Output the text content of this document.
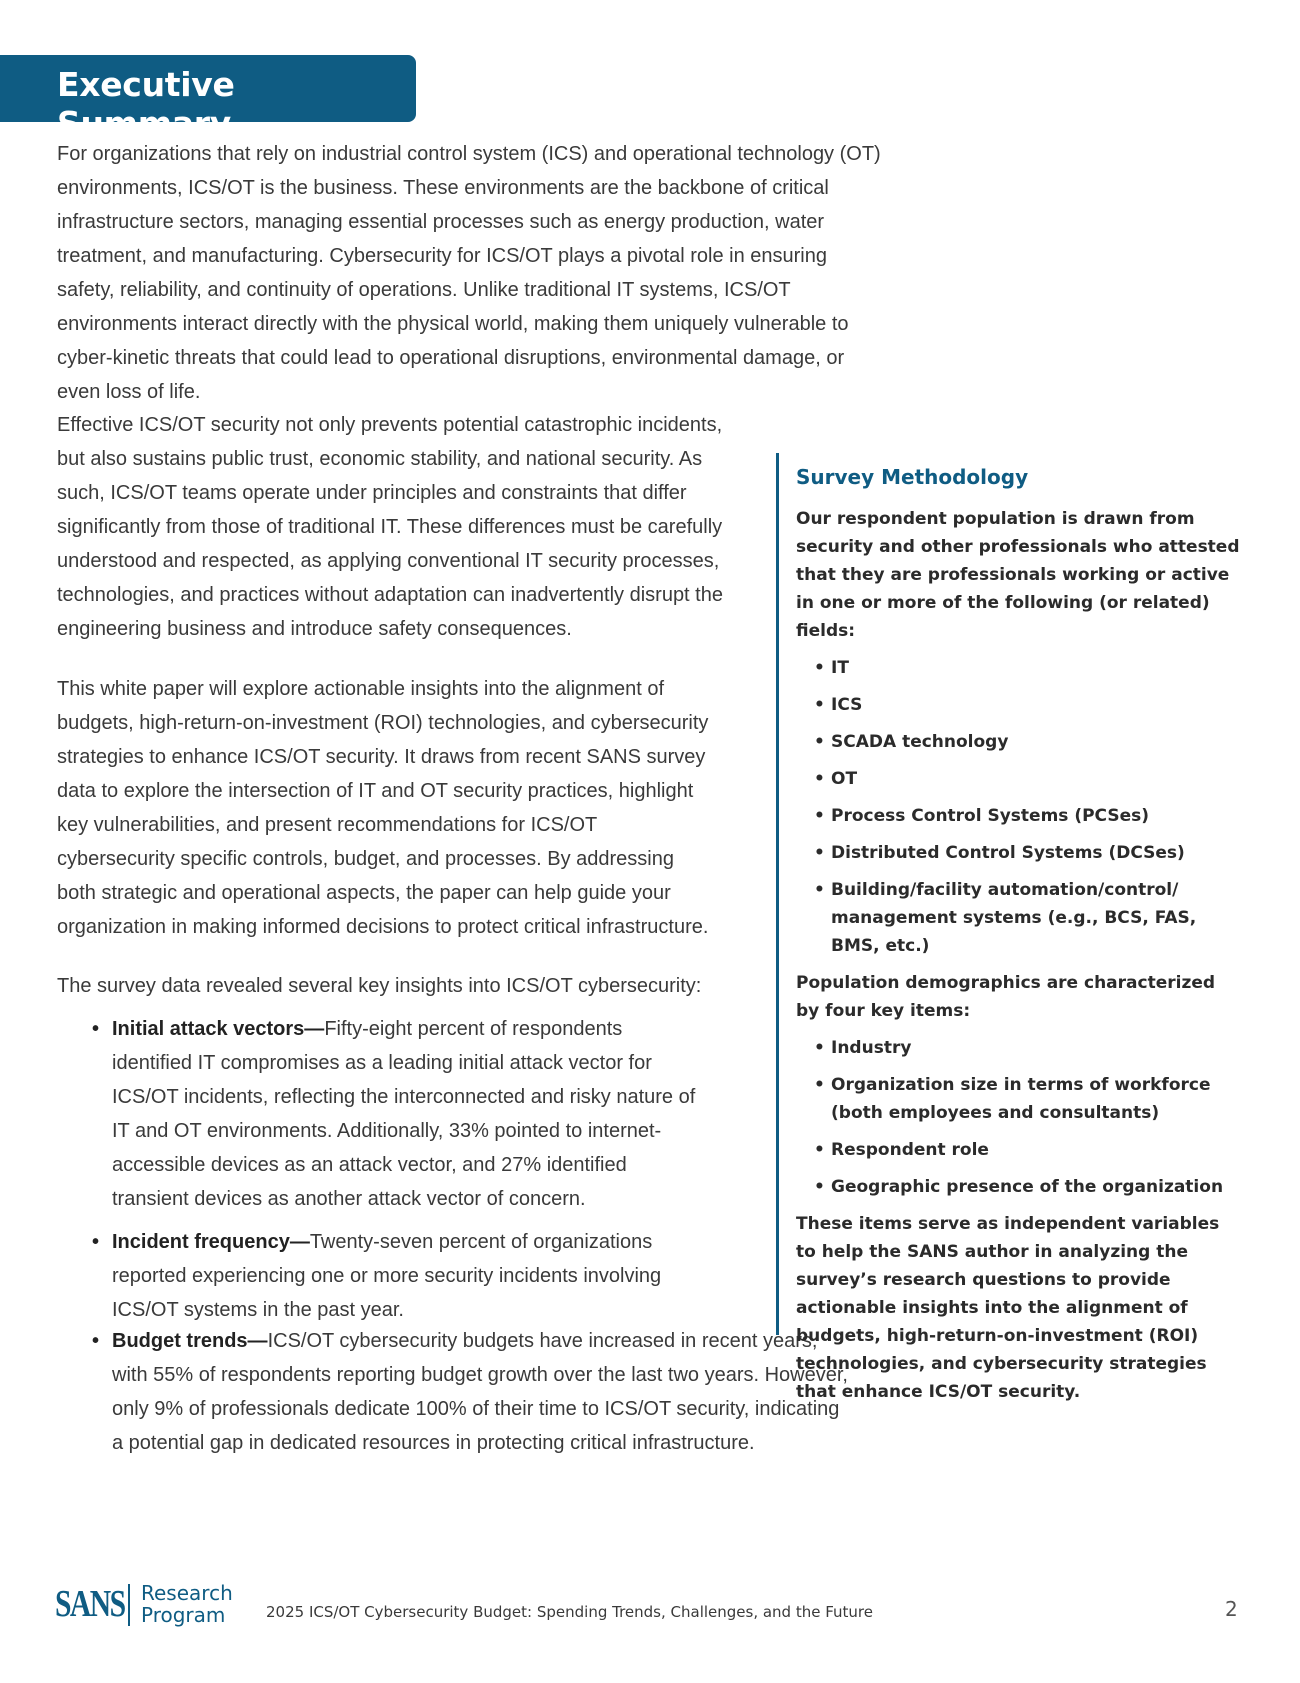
Executive Summary

For organizations that rely on industrial control system (ICS) and operational technology (OT) environments, ICS/OT is the business. These environments are the backbone of critical infrastructure sectors, managing essential processes such as energy production, water treatment, and manufacturing. Cybersecurity for ICS/OT plays a pivotal role in ensuring safety, reliability, and continuity of operations. Unlike traditional IT systems, ICS/OT environments interact directly with the physical world, making them uniquely vulnerable to cyber-kinetic threats that could lead to operational disruptions, environmental damage, or even loss of life.

Effective ICS/OT security not only prevents potential catastrophic incidents, but also sustains public trust, economic stability, and national security. As such, ICS/OT teams operate under principles and constraints that differ significantly from those of traditional IT. These differences must be carefully understood and respected, as applying conventional IT security processes, technologies, and practices without adaptation can inadvertently disrupt the engineering business and introduce safety consequences.

This white paper will explore actionable insights into the alignment of budgets, high-return-on-investment (ROI) technologies, and cybersecurity strategies to enhance ICS/OT security. It draws from recent SANS survey data to explore the intersection of IT and OT security practices, highlight key vulnerabilities, and present recommendations for ICS/OT cybersecurity specific controls, budget, and processes. By addressing both strategic and operational aspects, the paper can help guide your organization in making informed decisions to protect critical infrastructure.

The survey data revealed several key insights into ICS/OT cybersecurity:

• Initial attack vectors—Fifty-eight percent of respondents identified IT compromises as a leading initial attack vector for ICS/OT incidents, reflecting the interconnected and risky nature of IT and OT environments. Additionally, 33% pointed to internet-accessible devices as an attack vector, and 27% identified transient devices as another attack vector of concern.
• Incident frequency—Twenty-seven percent of organizations reported experiencing one or more security incidents involving ICS/OT systems in the past year.
• Budget trends—ICS/OT cybersecurity budgets have increased in recent years, with 55% of respondents reporting budget growth over the last two years. However, only 9% of professionals dedicate 100% of their time to ICS/OT security, indicating a potential gap in dedicated resources in protecting critical infrastructure.
Survey Methodology

Our respondent population is drawn from security and other professionals who attested that they are professionals working or active in one or more of the following (or related) fields:

• IT
• ICS
• SCADA technology
• OT
• Process Control Systems (PCSes)
• Distributed Control Systems (DCSes)
• Building/facility automation/control/ management systems (e.g., BCS, FAS, BMS, etc.)

Population demographics are characterized by four key items:

• Industry
• Organization size in terms of workforce (both employees and consultants)
• Respondent role
• Geographic presence of the organization

These items serve as independent variables to help the SANS author in analyzing the survey’s research questions to provide actionable insights into the alignment of budgets, high-return-on-investment (ROI) technologies, and cybersecurity strategies that enhance ICS/OT security.

SANS Research
Program	2025 ICS/OT Cybersecurity Budget: Spending Trends, Challenges, and the Future	2
